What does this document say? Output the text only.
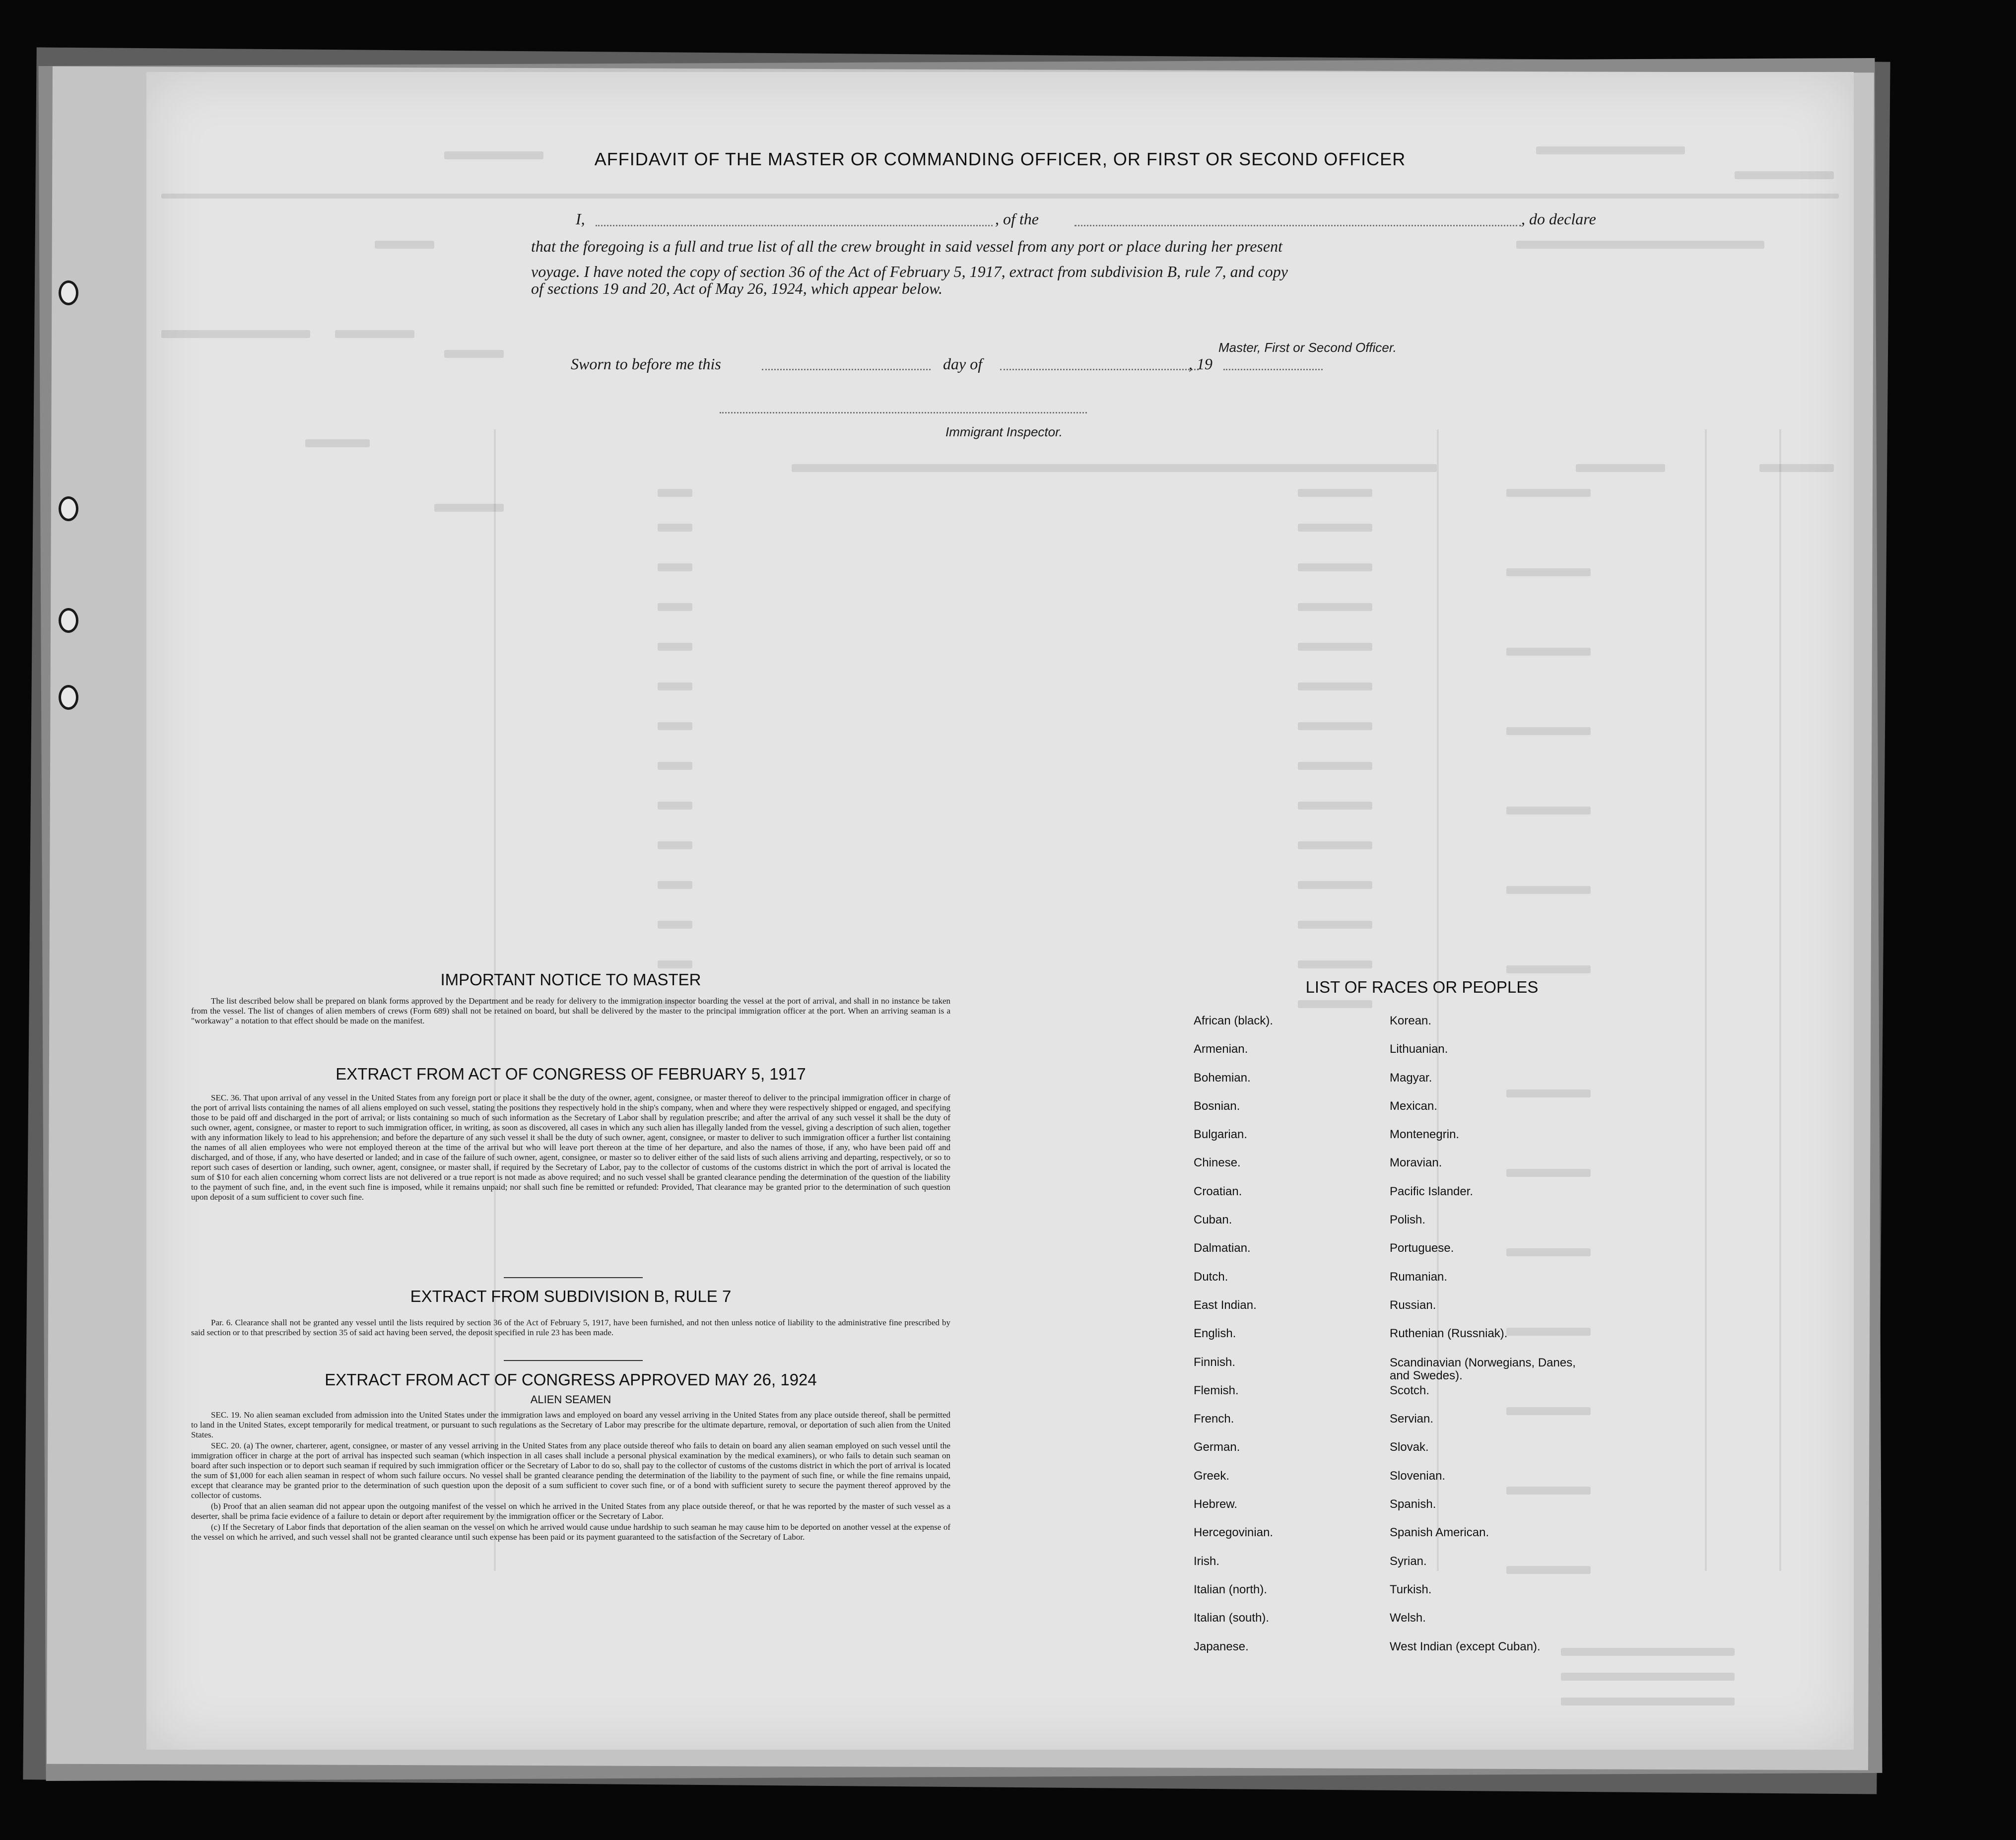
AFFIDAVIT OF THE MASTER OR COMMANDING OFFICER, OR FIRST OR SECOND OFFICER
I,	, of the	, do declare
that the foregoing is a full and true list of all the crew brought in said vessel from any port or place during her present
voyage. I have noted the copy of section 36 of the Act of February 5, 1917, extract from subdivision B, rule 7, and copy
of sections 19 and 20, Act of May 26, 1924, which appear below.
Master, First or Second Officer.
Sworn to before me this	day of	, 19
Immigrant Inspector.
IMPORTANT NOTICE TO MASTER

The list described below shall be prepared on blank forms approved by the Department and be ready for delivery to the immigration inspector boarding the vessel at the port of arrival, and shall in no instance be taken from the vessel. The list of changes of alien members of crews (Form 689) shall not be retained on board, but shall be delivered by the master to the principal immigration officer at the port. When an arriving seaman is a "workaway" a notation to that effect should be made on the manifest.

EXTRACT FROM ACT OF CONGRESS OF FEBRUARY 5, 1917

SEC. 36. That upon arrival of any vessel in the United States from any foreign port or place it shall be the duty of the owner, agent, consignee, or master thereof to deliver to the principal immigration officer in charge of the port of arrival lists containing the names of all aliens employed on such vessel, stating the positions they respectively hold in the ship's company, when and where they were respectively shipped or engaged, and specifying those to be paid off and discharged in the port of arrival; or lists containing so much of such information as the Secretary of Labor shall by regulation prescribe; and after the arrival of any such vessel it shall be the duty of such owner, agent, consignee, or master to report to such immigration officer, in writing, as soon as discovered, all cases in which any such alien has illegally landed from the vessel, giving a description of such alien, together with any information likely to lead to his apprehension; and before the departure of any such vessel it shall be the duty of such owner, agent, consignee, or master to deliver to such immigration officer a further list containing the names of all alien employees who were not employed thereon at the time of the arrival but who will leave port thereon at the time of her departure, and also the names of those, if any, who have been paid off and discharged, and of those, if any, who have deserted or landed; and in case of the failure of such owner, agent, consignee, or master so to deliver either of the said lists of such aliens arriving and departing, respectively, or so to report such cases of desertion or landing, such owner, agent, consignee, or master shall, if required by the Secretary of Labor, pay to the collector of customs of the customs district in which the port of arrival is located the sum of $10 for each alien concerning whom correct lists are not delivered or a true report is not made as above required; and no such vessel shall be granted clearance pending the determination of the question of the liability to the payment of such fine, and, in the event such fine is imposed, while it remains unpaid; nor shall such fine be remitted or refunded: Provided, That clearance may be granted prior to the determination of such question upon deposit of a sum sufficient to cover such fine.

EXTRACT FROM SUBDIVISION B, RULE 7

Par. 6. Clearance shall not be granted any vessel until the lists required by section 36 of the Act of February 5, 1917, have been furnished, and not then unless notice of liability to the administrative fine prescribed by said section or to that prescribed by section 35 of said act having been served, the deposit specified in rule 23 has been made.

EXTRACT FROM ACT OF CONGRESS APPROVED MAY 26, 1924
ALIEN SEAMEN

SEC. 19. No alien seaman excluded from admission into the United States under the immigration laws and employed on board any vessel arriving in the United States from any place outside thereof, shall be permitted to land in the United States, except temporarily for medical treatment, or pursuant to such regulations as the Secretary of Labor may prescribe for the ultimate departure, removal, or deportation of such alien from the United States.

SEC. 20. (a) The owner, charterer, agent, consignee, or master of any vessel arriving in the United States from any place outside thereof who fails to detain on board any alien seaman employed on such vessel until the immigration officer in charge at the port of arrival has inspected such seaman (which inspection in all cases shall include a personal physical examination by the medical examiners), or who fails to detain such seaman on board after such inspection or to deport such seaman if required by such immigration officer or the Secretary of Labor to do so, shall pay to the collector of customs of the customs district in which the port of arrival is located the sum of $1,000 for each alien seaman in respect of whom such failure occurs. No vessel shall be granted clearance pending the determination of the liability to the payment of such fine, or while the fine remains unpaid, except that clearance may be granted prior to the determination of such question upon the deposit of a sum sufficient to cover such fine, or of a bond with sufficient surety to secure the payment thereof approved by the collector of customs.

(b) Proof that an alien seaman did not appear upon the outgoing manifest of the vessel on which he arrived in the United States from any place outside thereof, or that he was reported by the master of such vessel as a deserter, shall be prima facie evidence of a failure to detain or deport after requirement by the immigration officer or the Secretary of Labor.

(c) If the Secretary of Labor finds that deportation of the alien seaman on the vessel on which he arrived would cause undue hardship to such seaman he may cause him to be deported on another vessel at the expense of the vessel on which he arrived, and such vessel shall not be granted clearance until such expense has been paid or its payment guaranteed to the satisfaction of the Secretary of Labor.

LIST OF RACES OR PEOPLES
African (black).
Armenian.
Bohemian.
Bosnian.
Bulgarian.
Chinese.
Croatian.
Cuban.
Dalmatian.
Dutch.
East Indian.
English.
Finnish.
Flemish.
French.
German.
Greek.
Hebrew.
Hercegovinian.
Irish.
Italian (north).
Italian (south).
Japanese.
Korean.
Lithuanian.
Magyar.
Mexican.
Montenegrin.
Moravian.
Pacific Islander.
Polish.
Portuguese.
Rumanian.
Russian.
Ruthenian (Russniak).
Scandinavian (Norwegians, Danes, and Swedes).
Scotch.
Servian.
Slovak.
Slovenian.
Spanish.
Spanish American.
Syrian.
Turkish.
Welsh.
West Indian (except Cuban).
